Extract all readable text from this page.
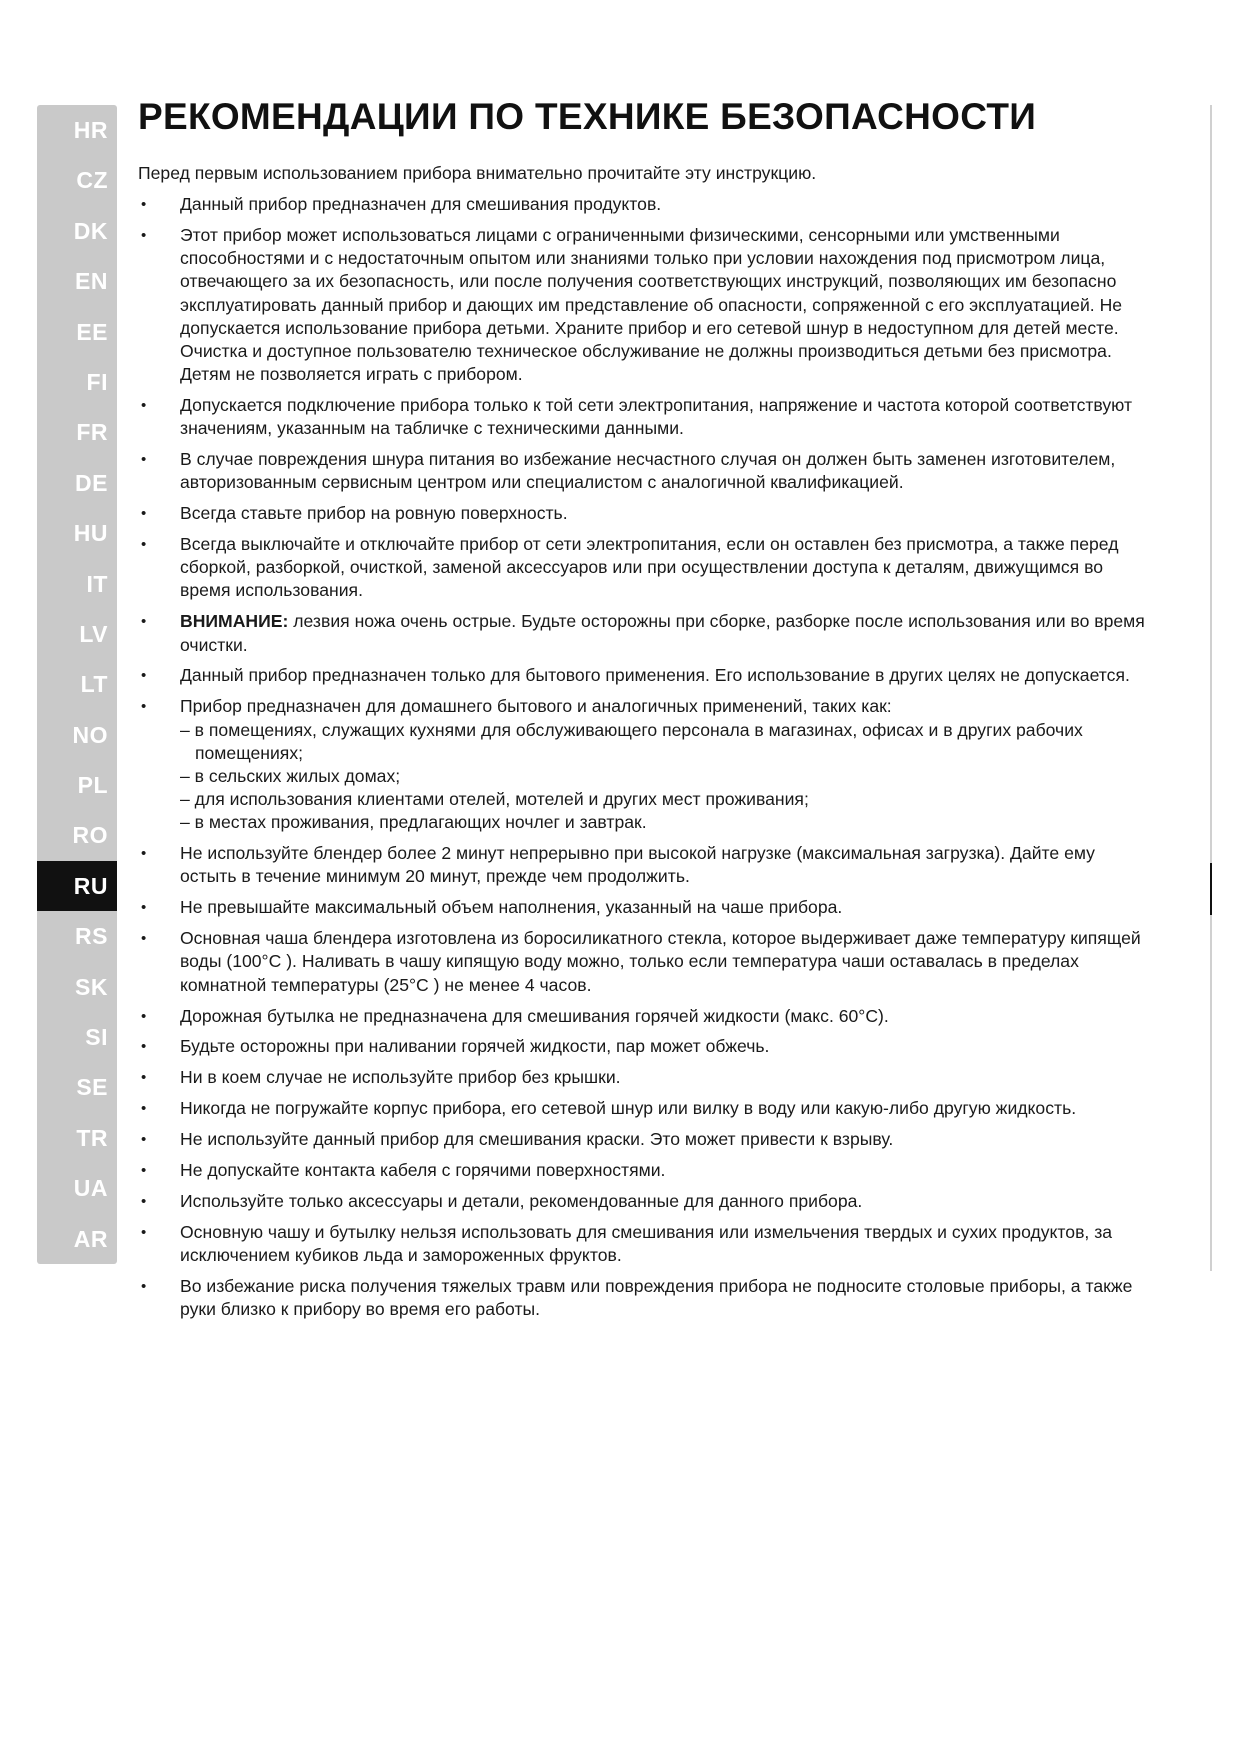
HR
CZ
DK
EN
EE
FI
FR
DE
HU
IT
LV
LT
NO
PL
RO
RU
RS
SK
SI
SE
TR
UA
AR
РЕКОМЕНДАЦИИ ПО ТЕХНИКЕ БЕЗОПАСНОСТИ

Перед первым использованием прибора внимательно прочитайте эту инструкцию.

• Данный прибор предназначен для смешивания продуктов.
• Этот прибор может использоваться лицами с ограниченными физическими, сенсорными или умственными способностями и с недостаточным опытом или знаниями только при условии нахождения под присмотром лица, отвечающего за их безопасность, или после получения соответствующих инструкций, позволяющих им безопасно эксплуатировать данный прибор и дающих им представление об опасности, сопряженной с его эксплуатацией. Не допускается использование прибора детьми. Храните прибор и его сетевой шнур в недоступном для детей месте. Очистка и доступное пользователю техническое обслуживание не должны производиться детьми без присмотра. Детям не позволяется играть с прибором.
• Допускается подключение прибора только к той сети электропитания, напряжение и частота которой соответствуют значениям, указанным на табличке с техническими данными.
• В случае повреждения шнура питания во избежание несчастного случая он должен быть заменен изготовителем, авторизованным сервисным центром или специалистом с аналогичной квалификацией.
• Всегда ставьте прибор на ровную поверхность.
• Всегда выключайте и отключайте прибор от сети электропитания, если он оставлен без присмотра, а также перед сборкой, разборкой, очисткой, заменой аксессуаров или при осуществлении доступа к деталям, движущимся во время использования.
• ВНИМАНИЕ: лезвия ножа очень острые. Будьте осторожны при сборке, разборке после использования или во время очистки.
• Данный прибор предназначен только для бытового применения. Его использование в других целях не допускается.
• Прибор предназначен для домашнего бытового и аналогичных применений, таких как:
– в помещениях, служащих кухнями для обслуживающего персонала в магазинах, офисах и в других рабочих помещениях;
– в сельских жилых домах;
– для использования клиентами отелей, мотелей и других мест проживания;
– в местах проживания, предлагающих ночлег и завтрак.
• Не используйте блендер более 2 минут непрерывно при высокой нагрузке (максимальная загрузка). Дайте ему остыть в течение минимум 20 минут, прежде чем продолжить.
• Не превышайте максимальный объем наполнения, указанный на чаше прибора.
• Основная чаша блендера изготовлена из боросиликатного стекла, которое выдерживает даже температуру кипящей воды (100°C ). Наливать в чашу кипящую воду можно, только если температура чаши оставалась в пределах комнатной температуры (25°C ) не менее 4 часов.
• Дорожная бутылка не предназначена для смешивания горячей жидкости (макс. 60°C).
• Будьте осторожны при наливании горячей жидкости, пар может обжечь.
• Ни в коем случае не используйте прибор без крышки.
• Никогда не погружайте корпус прибора, его сетевой шнур или вилку в воду или какую-либо другую жидкость.
• Не используйте данный прибор для смешивания краски. Это может привести к взрыву.
• Не допускайте контакта кабеля с горячими поверхностями.
• Используйте только аксессуары и детали, рекомендованные для данного прибора.
• Основную чашу и бутылку нельзя использовать для смешивания или измельчения твердых и сухих продуктов, за исключением кубиков льда и замороженных фруктов.
• Во избежание риска получения тяжелых травм или повреждения прибора не подносите столовые приборы, а также руки близко к прибору во время его работы.
